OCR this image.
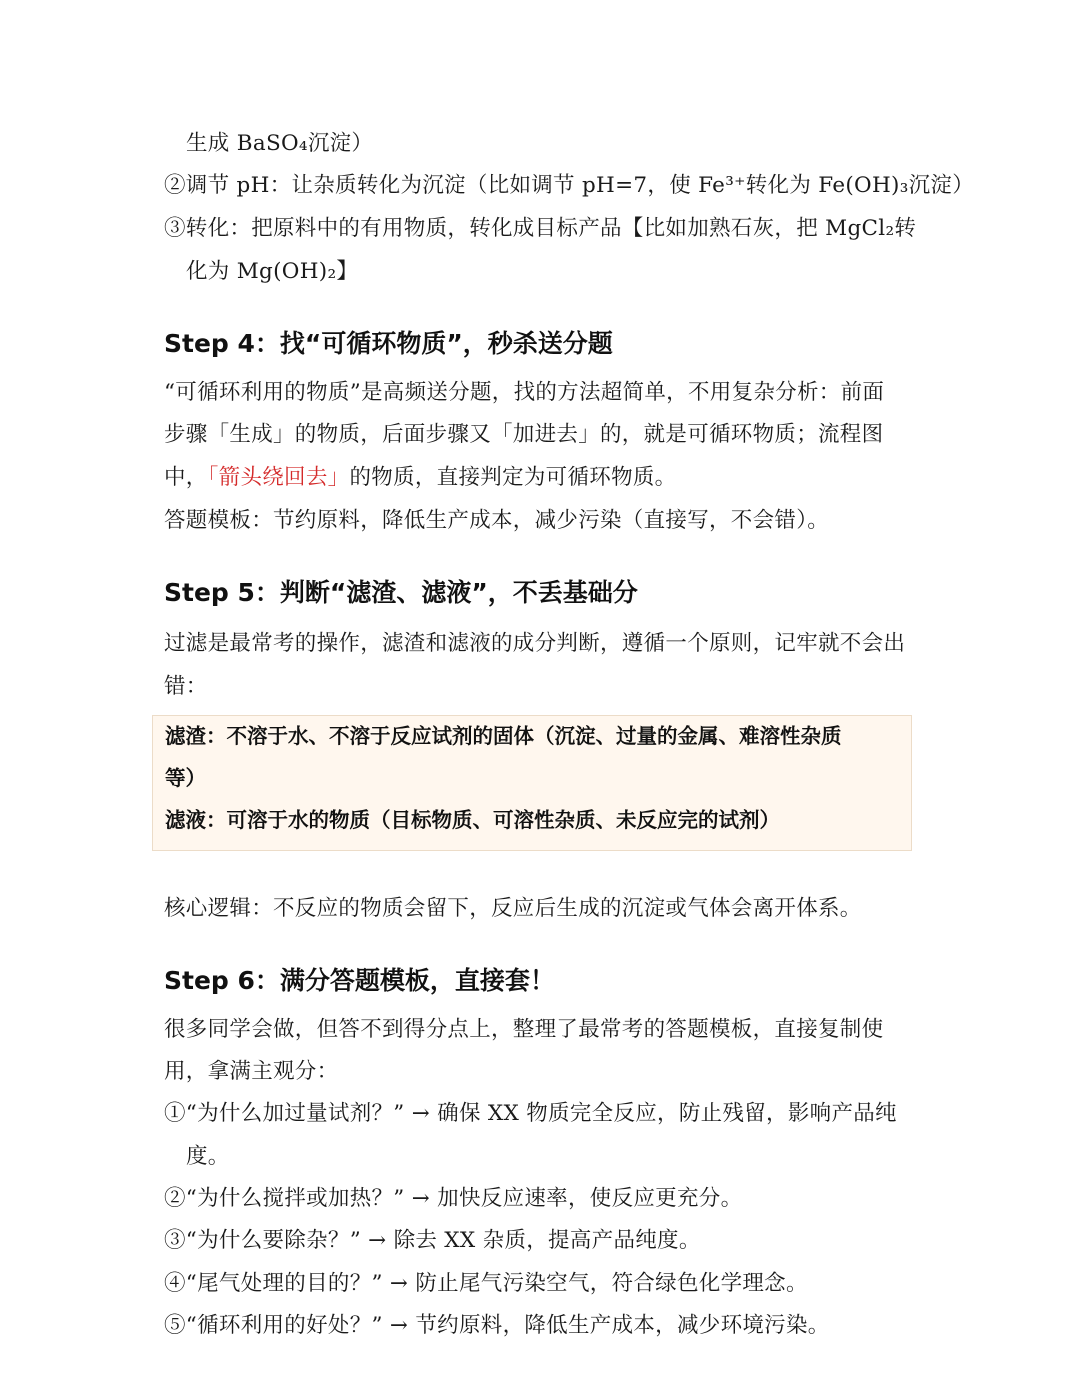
生成 BaSO₄沉淀）
②调节 pH：让杂质转化为沉淀（比如调节 pH=7，使 Fe³⁺转化为 Fe(OH)₃沉淀）
③转化：把原料中的有用物质，转化成目标产品【比如加熟石灰，把 MgCl₂转
化为 Mg(OH)₂】
Step 4：找“可循环物质”，秒杀送分题
“可循环利用的物质”是高频送分题，找的方法超简单，不用复杂分析：前面
步骤「生成」的物质，后面步骤又「加进去」的，就是可循环物质；流程图
中，「箭头绕回去」的物质，直接判定为可循环物质。
答题模板：节约原料，降低生产成本，减少污染（直接写，不会错）。
Step 5：判断“滤渣、滤液”，不丢基础分
过滤是最常考的操作，滤渣和滤液的成分判断，遵循一个原则，记牢就不会出
错：
滤渣：不溶于水、不溶于反应试剂的固体（沉淀、过量的金属、难溶性杂质
等）
滤液：可溶于水的物质（目标物质、可溶性杂质、未反应完的试剂）
核心逻辑：不反应的物质会留下，反应后生成的沉淀或气体会离开体系。
Step 6：满分答题模板，直接套！
很多同学会做，但答不到得分点上，整理了最常考的答题模板，直接复制使
用，拿满主观分：
①“为什么加过量试剂？” → 确保 XX 物质完全反应，防止残留，影响产品纯
度。
②“为什么搅拌或加热？” → 加快反应速率，使反应更充分。
③“为什么要除杂？” → 除去 XX 杂质，提高产品纯度。
④“尾气处理的目的？” → 防止尾气污染空气，符合绿色化学理念。
⑤“循环利用的好处？” → 节约原料，降低生产成本，减少环境污染。
